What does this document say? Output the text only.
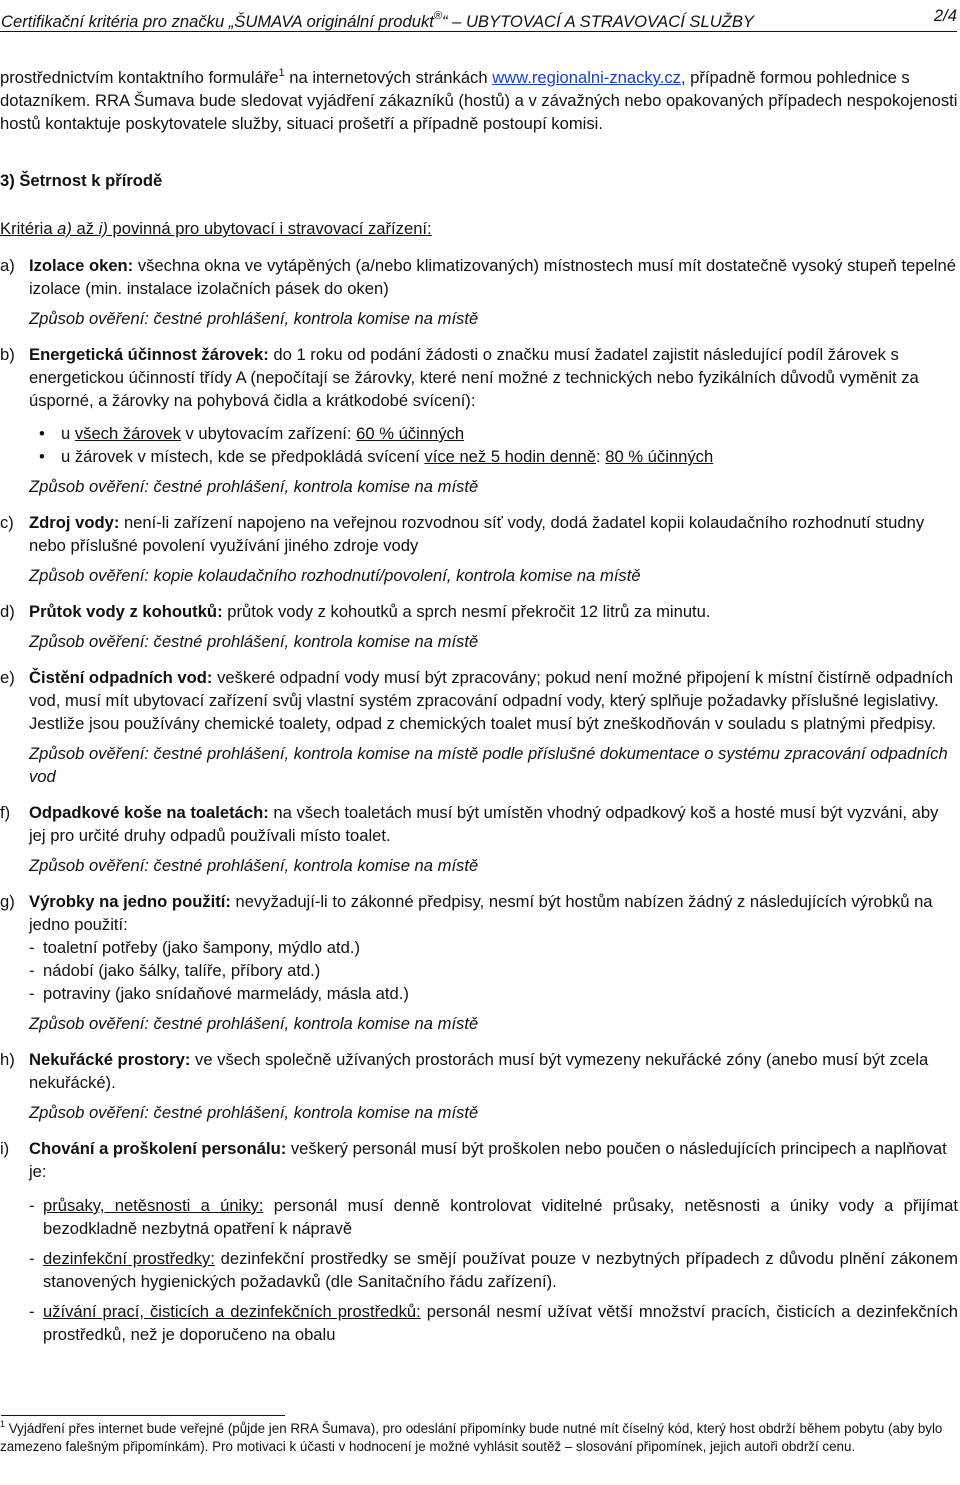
Certifikační kritéria pro značku „ŠUMAVA originální produkt®“ – UBYTOVACÍ A STRAVOVACÍ SLUŽBY	2/4

prostřednictvím kontaktního formuláře$^1$ na internetových stránkách www.regionalni-znacky.cz, případně formou pohlednice s dotazníkem. RRA Šumava bude sledovat vyjádření zákazníků (hostů) a v závažných nebo opakovaných případech nespokojenosti hostů kontaktuje poskytovatele služby, situaci prošetří a případně postoupí komisi.

3) Šetrnost k přírodě

Kritéria a) až i) povinná pro ubytovací i stravovací zařízení:

a) Izolace oken: všechna okna ve vytápěných (a/nebo klimatizovaných) místnostech musí mít dostatečně vysoký stupeň tepelné izolace (min. instalace izolačních pásek do oken)

Způsob ověření: čestné prohlášení, kontrola komise na místě

b) Energetická účinnost žárovek: do 1 roku od podání žádosti o značku musí žadatel zajistit následující podíl žárovek s energetickou účinností třídy A (nepočítají se žárovky, které není možné z technických nebo fyzikálních důvodů vyměnit za úsporné, a žárovky na pohybová čidla a krátkodobé svícení):

• u všech žárovek v ubytovacím zařízení: 60 % účinných
• u žárovek v místech, kde se předpokládá svícení více než 5 hodin denně: 80 % účinných

Způsob ověření: čestné prohlášení, kontrola komise na místě

c) Zdroj vody: není-li zařízení napojeno na veřejnou rozvodnou síť vody, dodá žadatel kopii kolaudačního rozhodnutí studny nebo příslušné povolení využívání jiného zdroje vody

Způsob ověření: kopie kolaudačního rozhodnutí/povolení, kontrola komise na místě

d) Průtok vody z kohoutků: průtok vody z kohoutků a sprch nesmí překročit 12 litrů za minutu.

Způsob ověření: čestné prohlášení, kontrola komise na místě

e) Čistění odpadních vod: veškeré odpadní vody musí být zpracovány; pokud není možné připojení k místní čistírně odpadních vod, musí mít ubytovací zařízení svůj vlastní systém zpracování odpadní vody, který splňuje požadavky příslušné legislativy. Jestliže jsou používány chemické toalety, odpad z chemických toalet musí být zneškodňován v souladu s platnými předpisy.

Způsob ověření: čestné prohlášení, kontrola komise na místě podle příslušné dokumentace o systému zpracování odpadních vod

f) Odpadkové koše na toaletách: na všech toaletách musí být umístěn vhodný odpadkový koš a hosté musí být vyzváni, aby jej pro určité druhy odpadů používali místo toalet.

Způsob ověření: čestné prohlášení, kontrola komise na místě

g) Výrobky na jedno použití: nevyžadují-li to zákonné předpisy, nesmí být hostům nabízen žádný z následujících výrobků na jedno použití:

- toaletní potřeby (jako šampony, mýdlo atd.)
- nádobí (jako šálky, talíře, příbory atd.)
- potraviny (jako snídaňové marmelády, másla atd.)

Způsob ověření: čestné prohlášení, kontrola komise na místě

h) Nekuřácké prostory: ve všech společně užívaných prostorách musí být vymezeny nekuřácké zóny (anebo musí být zcela nekuřácké).

Způsob ověření: čestné prohlášení, kontrola komise na místě

i) Chování a proškolení personálu: veškerý personál musí být proškolen nebo poučen o následujících principech a naplňovat je:

- průsaky, netěsnosti a úniky: personál musí denně kontrolovat viditelné průsaky, netěsnosti a úniky vody a přijímat bezodkladně nezbytná opatření k nápravě

- dezinfekční prostředky: dezinfekční prostředky se smějí používat pouze v nezbytných případech z důvodu plnění zákonem stanovených hygienických požadavků (dle Sanitačního řádu zařízení).

- užívání prací, čisticích a dezinfekčních prostředků: personál nesmí užívat větší množství pracích, čisticích a dezinfekčních prostředků, než je doporučeno na obalu

$^1$ Vyjádření přes internet bude veřejné (půjde jen RRA Šumava), pro odeslání připomínky bude nutné mít číselný kód, který host obdrží během pobytu (aby bylo zamezeno falešným připomínkám). Pro motivaci k účasti v hodnocení je možné vyhlásit soutěž – slosování připomínek, jejich autoři obdrží cenu.
